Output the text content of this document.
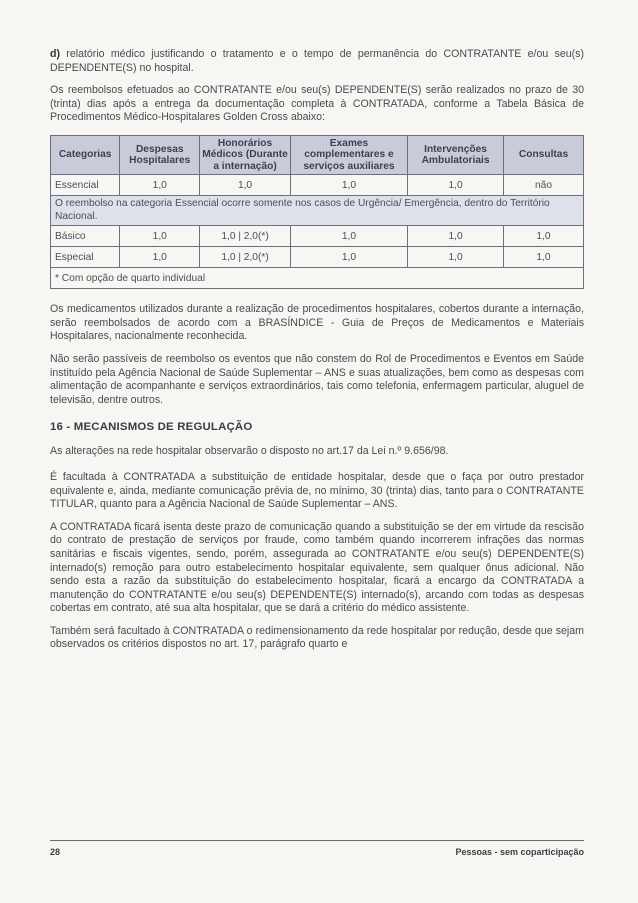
d) relatório médico justificando o tratamento e o tempo de permanência do CONTRATANTE e/ou seu(s) DEPENDENTE(S) no hospital.

Os reembolsos efetuados ao CONTRATANTE e/ou seu(s) DEPENDENTE(S) serão realizados no prazo de 30 (trinta) dias após a entrega da documentação completa à CONTRATADA, conforme a Tabela Básica de Procedimentos Médico-Hospitalares Golden Cross abaixo:

Categorias	Despesas Hospitalares	Honorários Médicos (Durante a internação)	Exames complementares e serviços auxiliares	Intervenções Ambulatoriais	Consultas
Essencial	1,0	1,0	1,0	1,0	não
O reembolso na categoria Essencial ocorre somente nos casos de Urgência/ Emergência, dentro do Território Nacional.					
Básico	1,0	1,0 | 2,0(*)	1,0	1,0	1,0
Especial	1,0	1,0 | 2,0(*)	1,0	1,0	1,0
* Com opção de quarto individual					

Os medicamentos utilizados durante a realização de procedimentos hospitalares, cobertos durante a internação, serão reembolsados de acordo com a BRASÍNDICE - Guia de Preços de Medicamentos e Materiais Hospitalares, nacionalmente reconhecida.

Não serão passíveis de reembolso os eventos que não constem do Rol de Procedimentos e Eventos em Saúde instituído pela Agência Nacional de Saúde Suplementar – ANS e suas atualizações, bem como as despesas com alimentação de acompanhante e serviços extraordinários, tais como telefonia, enfermagem particular, aluguel de televisão, dentre outros.

16 - MECANISMOS DE REGULAÇÃO

As alterações na rede hospitalar observarão o disposto no art.17 da Lei n.º 9.656/98.

É facultada à CONTRATADA a substituição de entidade hospitalar, desde que o faça por outro prestador equivalente e, ainda, mediante comunicação prévia de, no mínimo, 30 (trinta) dias, tanto para o CONTRATANTE TITULAR, quanto para a Agência Nacional de Saúde Suplementar – ANS.

A CONTRATADA ficará isenta deste prazo de comunicação quando a substituição se der em virtude da rescisão do contrato de prestação de serviços por fraude, como também quando incorrerem infrações das normas sanitárias e fiscais vigentes, sendo, porém, assegurada ao CONTRATANTE e/ou seu(s) DEPENDENTE(S) internado(s) remoção para outro estabelecimento hospitalar equivalente, sem qualquer ônus adicional. Não sendo esta a razão da substituição do estabelecimento hospitalar, ficará a encargo da CONTRATADA a manutenção do CONTRATANTE e/ou seu(s) DEPENDENTE(S) internado(s), arcando com todas as despesas cobertas em contrato, até sua alta hospitalar, que se dará a critério do médico assistente.

Também será facultado à CONTRATADA o redimensionamento da rede hospitalar por redução, desde que sejam observados os critérios dispostos no art. 17, parágrafo quarto e

28	Pessoas - sem coparticipação
